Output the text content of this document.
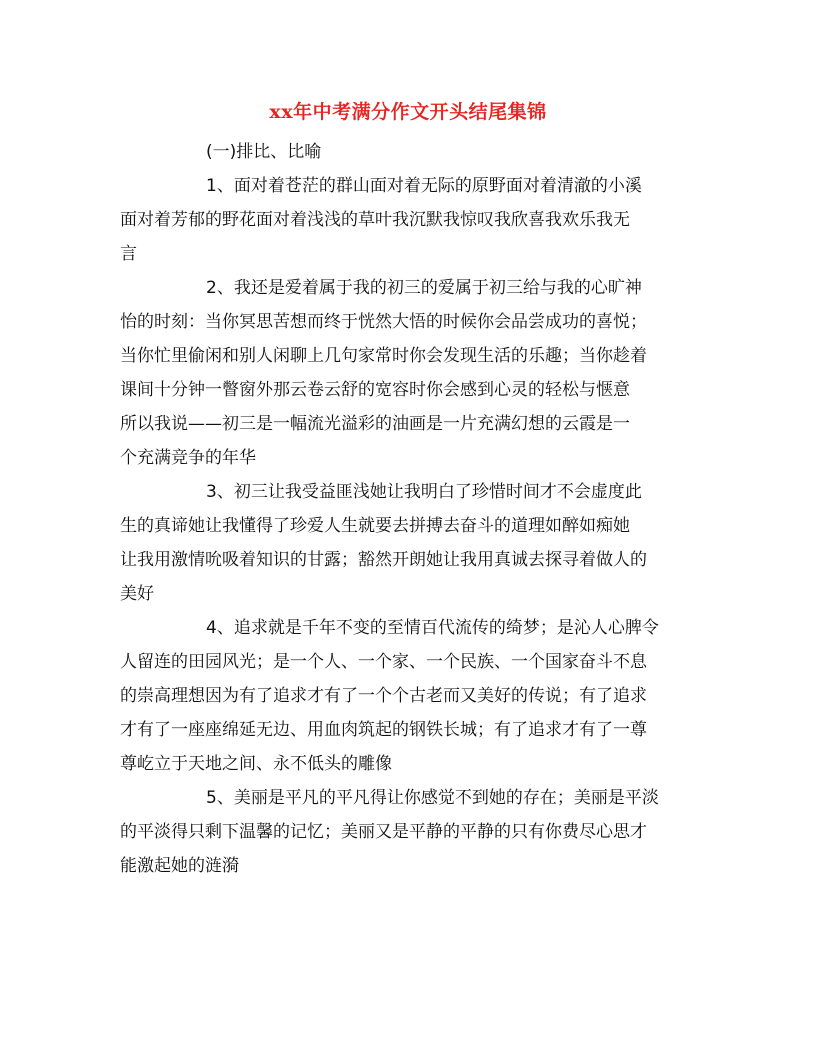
xx年中考满分作文开头结尾集锦
(一)排比、比喻
1、面对着苍茫的群山面对着无际的原野面对着清澈的小溪
面对着芳郁的野花面对着浅浅的草叶我沉默我惊叹我欣喜我欢乐我无
言
2、我还是爱着属于我的初三的爱属于初三给与我的心旷神
怡的时刻：当你冥思苦想而终于恍然大悟的时候你会品尝成功的喜悦；
当你忙里偷闲和别人闲聊上几句家常时你会发现生活的乐趣；当你趁着
课间十分钟一瞥窗外那云卷云舒的宽容时你会感到心灵的轻松与惬意
所以我说——初三是一幅流光溢彩的油画是一片充满幻想的云霞是一
个充满竞争的年华
3、初三让我受益匪浅她让我明白了珍惜时间才不会虚度此
生的真谛她让我懂得了珍爱人生就要去拼搏去奋斗的道理如醉如痴她
让我用激情吮吸着知识的甘露；豁然开朗她让我用真诚去探寻着做人的
美好
4、追求就是千年不变的至情百代流传的绮梦；是沁人心脾令
人留连的田园风光；是一个人、一个家、一个民族、一个国家奋斗不息
的崇高理想因为有了追求才有了一个个古老而又美好的传说；有了追求
才有了一座座绵延无边、用血肉筑起的钢铁长城；有了追求才有了一尊
尊屹立于天地之间、永不低头的雕像
5、美丽是平凡的平凡得让你感觉不到她的存在；美丽是平淡
的平淡得只剩下温馨的记忆；美丽又是平静的平静的只有你费尽心思才
能激起她的涟漪
